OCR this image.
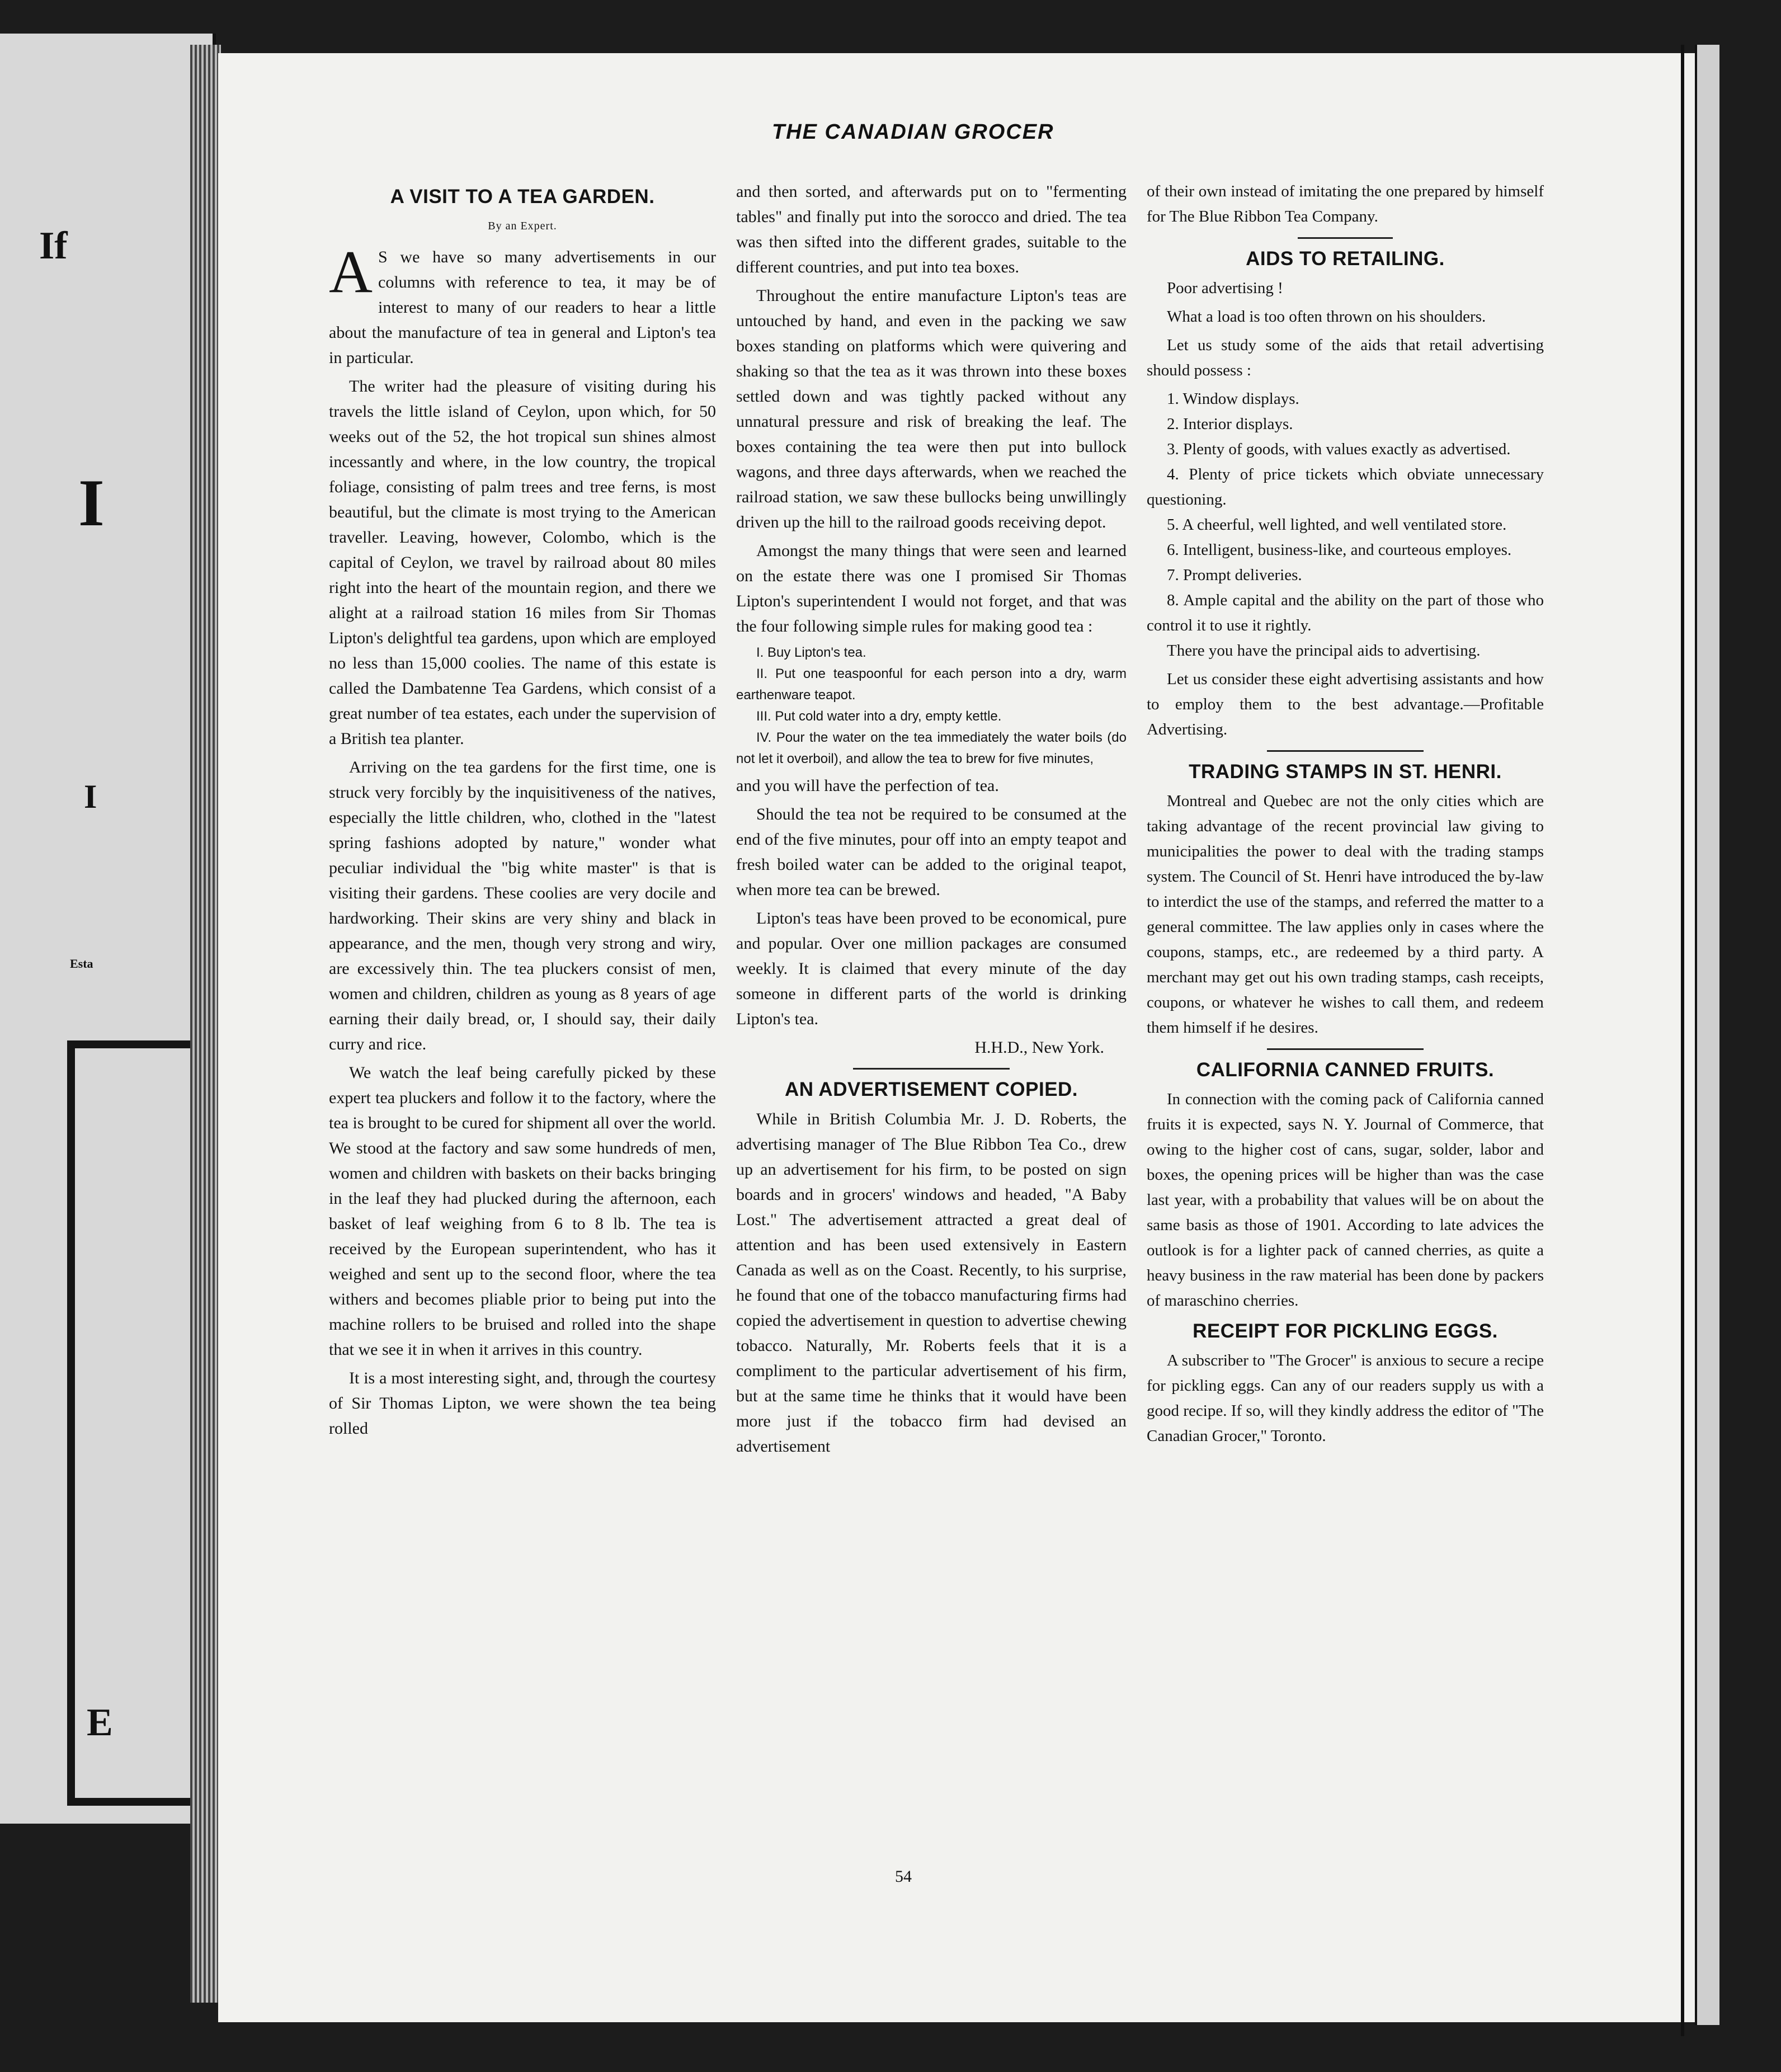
If
I
I
Esta
E
THE CANADIAN GROCER
A VISIT TO A TEA GARDEN.
By an Expert.

A S we have so many advertisements in our columns with reference to tea, it may be of interest to many of our readers to hear a little about the manufacture of tea in general and Lipton's tea in particular.

The writer had the pleasure of visiting during his travels the little island of Ceylon, upon which, for 50 weeks out of the 52, the hot tropical sun shines almost incessantly and where, in the low country, the tropical foliage, consisting of palm trees and tree ferns, is most beautiful, but the climate is most trying to the American traveller. Leaving, however, Colombo, which is the capital of Ceylon, we travel by railroad about 80 miles right into the heart of the mountain region, and there we alight at a railroad station 16 miles from Sir Thomas Lipton's delightful tea gardens, upon which are employed no less than 15,000 coolies. The name of this estate is called the Dambatenne Tea Gardens, which consist of a great number of tea estates, each under the supervision of a British tea planter.

Arriving on the tea gardens for the first time, one is struck very forcibly by the inquisitiveness of the natives, especially the little children, who, clothed in the "latest spring fashions adopted by nature," wonder what peculiar individual the "big white master" is that is visiting their gardens. These coolies are very docile and hardworking. Their skins are very shiny and black in appearance, and the men, though very strong and wiry, are excessively thin. The tea pluckers consist of men, women and children, children as young as 8 years of age earning their daily bread, or, I should say, their daily curry and rice.

We watch the leaf being carefully picked by these expert tea pluckers and follow it to the factory, where the tea is brought to be cured for shipment all over the world. We stood at the factory and saw some hundreds of men, women and children with baskets on their backs bringing in the leaf they had plucked during the afternoon, each basket of leaf weighing from 6 to 8 lb. The tea is received by the European superintendent, who has it weighed and sent up to the second floor, where the tea withers and becomes pliable prior to being put into the machine rollers to be bruised and rolled into the shape that we see it in when it arrives in this country.

It is a most interesting sight, and, through the courtesy of Sir Thomas Lipton, we were shown the tea being rolled

and then sorted, and afterwards put on to "fermenting tables" and finally put into the sorocco and dried. The tea was then sifted into the different grades, suitable to the different countries, and put into tea boxes.

Throughout the entire manufacture Lipton's teas are untouched by hand, and even in the packing we saw boxes standing on platforms which were quivering and shaking so that the tea as it was thrown into these boxes settled down and was tightly packed without any unnatural pressure and risk of breaking the leaf. The boxes containing the tea were then put into bullock wagons, and three days afterwards, when we reached the railroad station, we saw these bullocks being unwillingly driven up the hill to the railroad goods receiving depot.

Amongst the many things that were seen and learned on the estate there was one I promised Sir Thomas Lipton's superintendent I would not forget, and that was the four following simple rules for making good tea :

I. Buy Lipton's tea.
II. Put one teaspoonful for each person into a dry, warm earthenware teapot.
III. Put cold water into a dry, empty kettle.
IV. Pour the water on the tea immediately the water boils (do not let it overboil), and allow the tea to brew for five minutes,

and you will have the perfection of tea.

Should the tea not be required to be consumed at the end of the five minutes, pour off into an empty teapot and fresh boiled water can be added to the original teapot, when more tea can be brewed.

Lipton's teas have been proved to be economical, pure and popular. Over one million packages are consumed weekly. It is claimed that every minute of the day someone in different parts of the world is drinking Lipton's tea.

H.H.D., New York.
AN ADVERTISEMENT COPIED.

While in British Columbia Mr. J. D. Roberts, the advertising manager of The Blue Ribbon Tea Co., drew up an advertisement for his firm, to be posted on sign boards and in grocers' windows and headed, "A Baby Lost." The advertisement attracted a great deal of attention and has been used extensively in Eastern Canada as well as on the Coast. Recently, to his surprise, he found that one of the tobacco manufacturing firms had copied the advertisement in question to advertise chewing tobacco. Naturally, Mr. Roberts feels that it is a compliment to the particular advertisement of his firm, but at the same time he thinks that it would have been more just if the tobacco firm had devised an advertisement

of their own instead of imitating the one prepared by himself for The Blue Ribbon Tea Company.

AIDS TO RETAILING.

Poor advertising !

What a load is too often thrown on his shoulders.

Let us study some of the aids that retail advertising should possess :

1. Window displays.
2. Interior displays.
3. Plenty of goods, with values exactly as advertised.
4. Plenty of price tickets which obviate unnecessary questioning.
5. A cheerful, well lighted, and well ventilated store.
6. Intelligent, business-like, and courteous employes.
7. Prompt deliveries.
8. Ample capital and the ability on the part of those who control it to use it rightly.

There you have the principal aids to advertising.

Let us consider these eight advertising assistants and how to employ them to the best advantage.—Profitable Advertising.

TRADING STAMPS IN ST. HENRI.

Montreal and Quebec are not the only cities which are taking advantage of the recent provincial law giving to municipalities the power to deal with the trading stamps system. The Council of St. Henri have introduced the by-law to interdict the use of the stamps, and referred the matter to a general committee. The law applies only in cases where the coupons, stamps, etc., are redeemed by a third party. A merchant may get out his own trading stamps, cash receipts, coupons, or whatever he wishes to call them, and redeem them himself if he desires.

CALIFORNIA CANNED FRUITS.

In connection with the coming pack of California canned fruits it is expected, says N. Y. Journal of Commerce, that owing to the higher cost of cans, sugar, solder, labor and boxes, the opening prices will be higher than was the case last year, with a probability that values will be on about the same basis as those of 1901. According to late advices the outlook is for a lighter pack of canned cherries, as quite a heavy business in the raw material has been done by packers of maraschino cherries.

RECEIPT FOR PICKLING EGGS.

A subscriber to "The Grocer" is anxious to secure a recipe for pickling eggs. Can any of our readers supply us with a good recipe. If so, will they kindly address the editor of "The Canadian Grocer," Toronto.

54
